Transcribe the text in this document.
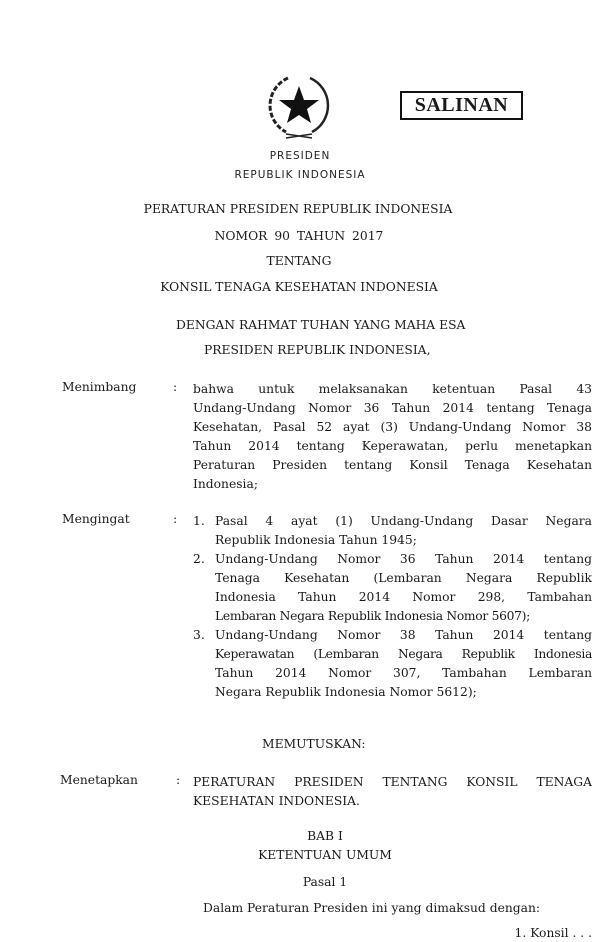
SALINAN
PRESIDEN
REPUBLIK INDONESIA
PERATURAN PRESIDEN REPUBLIK INDONESIA
NOMOR 90 TAHUN 2017
TENTANG
KONSIL TENAGA KESEHATAN INDONESIA
DENGAN RAHMAT TUHAN YANG MAHA ESA
PRESIDEN REPUBLIK INDONESIA,
Menimbang	: bahwa untuk melaksanakan ketentuan Pasal 43
Undang-Undang Nomor 36 Tahun 2014 tentang Tenaga
Kesehatan, Pasal 52 ayat (3) Undang-Undang Nomor 38
Tahun 2014 tentang Keperawatan, perlu menetapkan
Peraturan Presiden tentang Konsil Tenaga Kesehatan
Indonesia;
Mengingat	: 1. Pasal 4 ayat (1) Undang-Undang Dasar Negara
Republik Indonesia Tahun 1945;
2. Undang-Undang Nomor 36 Tahun 2014 tentang
Tenaga Kesehatan (Lembaran Negara Republik
Indonesia Tahun 2014 Nomor 298, Tambahan
Lembaran Negara Republik Indonesia Nomor 5607);
3. Undang-Undang Nomor 38 Tahun 2014 tentang
Keperawatan (Lembaran Negara Republik Indonesia
Tahun 2014 Nomor 307, Tambahan Lembaran
Negara Republik Indonesia Nomor 5612);
MEMUTUSKAN:
Menetapkan	: PERATURAN PRESIDEN TENTANG KONSIL TENAGA
KESEHATAN INDONESIA.
BAB I
KETENTUAN UMUM
Pasal 1
Dalam Peraturan Presiden ini yang dimaksud dengan:
1. Konsil . . .
